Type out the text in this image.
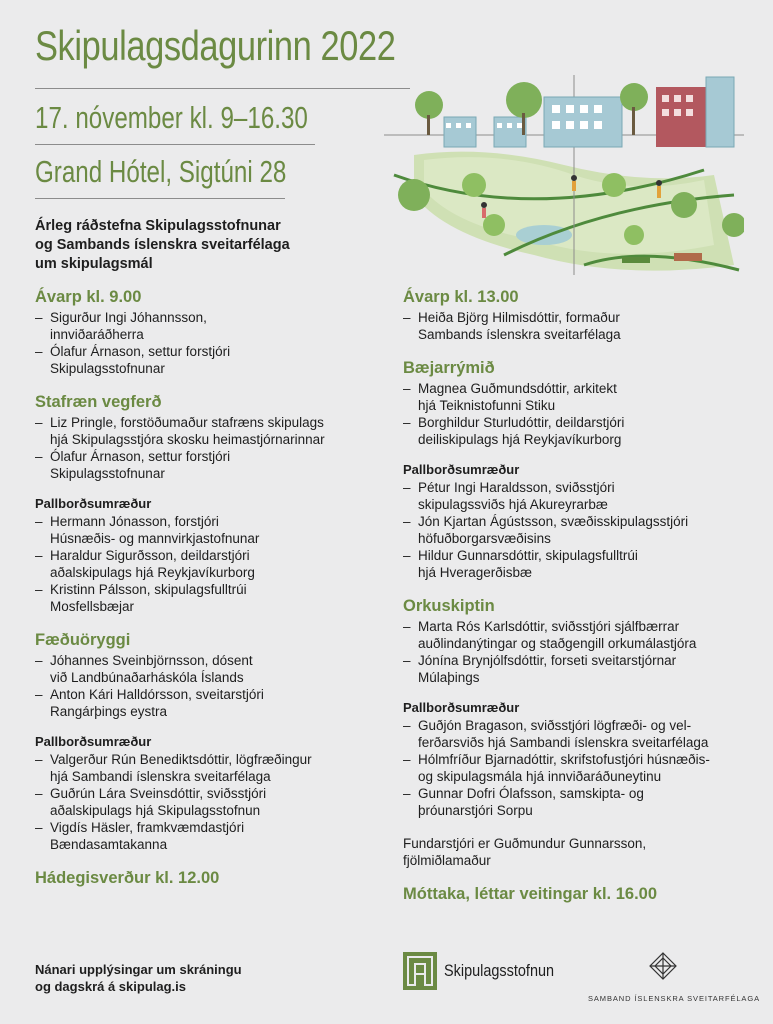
Skipulagsdagurinn 2022
17. nóvember kl. 9–16.30
Grand Hótel, Sigtúni 28
Árleg ráðstefna Skipulagsstofnunar
og Sambands íslenskra sveitarfélaga
um skipulagsmál
Ávarp kl. 9.00
– Sigurður Ingi Jóhannsson,
innviðaráðherra
– Ólafur Árnason, settur forstjóri
Skipulagsstofnunar
Stafræn vegferð
– Liz Pringle, forstöðumaður stafræns skipulags
hjá Skipulagsstjóra skosku heimastjórnarinnar
– Ólafur Árnason, settur forstjóri
Skipulagsstofnunar
Pallborðsumræður
– Hermann Jónasson, forstjóri
Húsnæðis- og mannvirkjastofnunar
– Haraldur Sigurðsson, deildarstjóri
aðalskipulags hjá Reykjavíkurborg
– Kristinn Pálsson, skipulagsfulltrúi
Mosfellsbæjar
Fæðuöryggi
– Jóhannes Sveinbjörnsson, dósent
við Landbúnaðarháskóla Íslands
– Anton Kári Halldórsson, sveitarstjóri
Rangárþings eystra
Pallborðsumræður
– Valgerður Rún Benediktsdóttir, lögfræðingur
hjá Sambandi íslenskra sveitarfélaga
– Guðrún Lára Sveinsdóttir, sviðsstjóri
aðalskipulags hjá Skipulagsstofnun
– Vigdís Häsler, framkvæmdastjóri
Bændasamtakanna
Hádegisverður kl. 12.00
Ávarp kl. 13.00
– Heiða Björg Hilmisdóttir, formaður
Sambands íslenskra sveitarfélaga
Bæjarrýmið
– Magnea Guðmundsdóttir, arkitekt
hjá Teiknistofunni Stiku
– Borghildur Sturludóttir, deildarstjóri
deiliskipulags hjá Reykjavíkurborg
Pallborðsumræður
– Pétur Ingi Haraldsson, sviðsstjóri
skipulagssviðs hjá Akureyrarbæ
– Jón Kjartan Ágústsson, svæðisskipulagsstjóri
höfuðborgarsvæðisins
– Hildur Gunnarsdóttir, skipulagsfulltrúi
hjá Hveragerðisbæ
Orkuskiptin
– Marta Rós Karlsdóttir, sviðsstjóri sjálfbærrar
auðlindanýtingar og staðgengill orkumálastjóra
– Jónína Brynjólfsdóttir, forseti sveitarstjórnar
Múlaþings
Pallborðsumræður
– Guðjón Bragason, sviðsstjóri lögfræði- og vel-
ferðarsviðs hjá Sambandi íslenskra sveitarfélaga
– Hólmfríður Bjarnadóttir, skrifstofustjóri húsnæðis-
og skipulagsmála hjá innviðaráðuneytinu
– Gunnar Dofri Ólafsson, samskipta- og
þróunarstjóri Sorpu
Fundarstjóri er Guðmundur Gunnarsson,
fjölmiðlamaður
Móttaka, léttar veitingar kl. 16.00
Nánari upplýsingar um skráningu
og dagskrá á skipulag.is
Skipulagsstofnun
SAMBAND ÍSLENSKRA SVEITARFÉLAGA
